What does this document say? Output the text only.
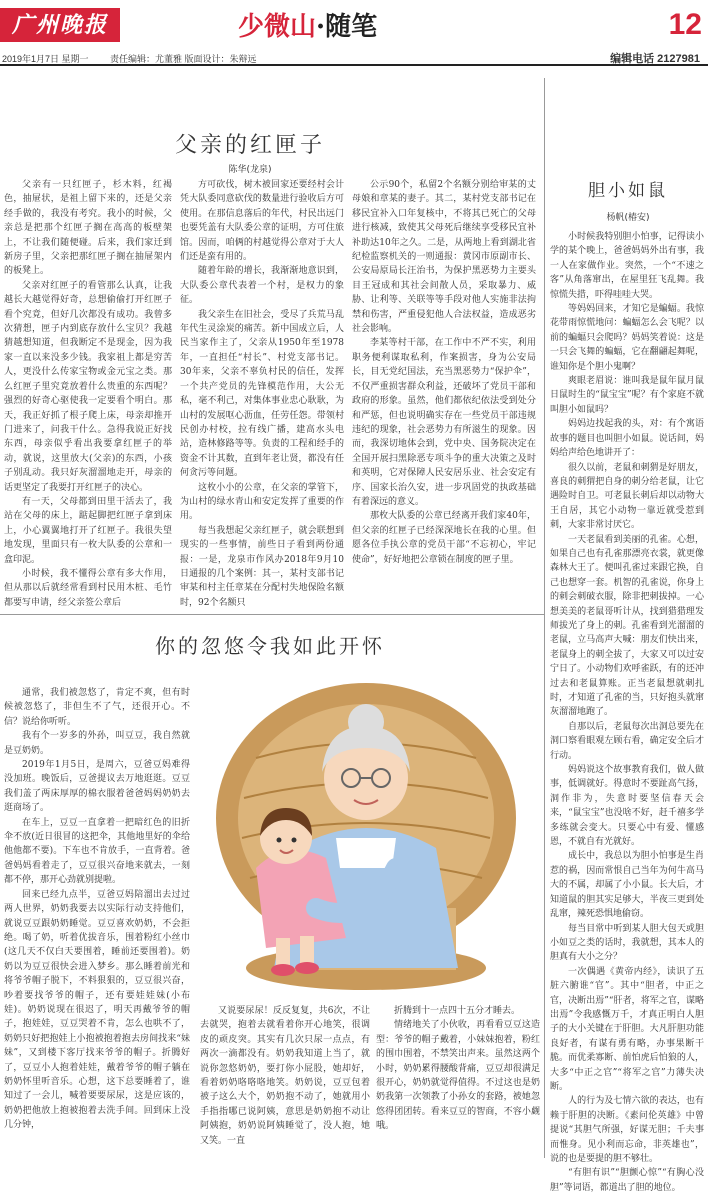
广州晚报	少微山·随笔	12
2019年1月7日 星期一 责任编辑：尤董雅 版面设计：朱辩远	编辑电话 2127981
父亲的红匣子
陈华(龙泉)

父亲有一只红匣子，杉木料，红褐色，抽屉状，是祖上留下来的，还是父亲经手做的，我没有考究。我小的时候，父亲总是把那个红匣子搁在高高的板壁架上，不让我们随便碰。后来，我们家迁到新房子里，父亲把那红匣子搁在抽屉架内的板凳上。

父亲对红匣子的看管那么认真，让我越长大越觉得好奇，总想偷偷打开红匣子看个究竟，但好几次都没有成功。我曾多次猜想，匣子内到底存放什么宝贝？我越猜越想知道，但我断定不是现金，因为我家一直以来没多少钱。我家祖上都是穷苦人，更没什么传家宝物或金元宝之类。那么红匣子里究竟放着什么贵重的东西呢？强烈的好奇心驱使我一定要看个明白。那天，我正好抓了根子爬上床，母亲却推开门进来了，问我干什么。急得我说正好找东西，母亲似乎看出我要拿红匣子的举动，就说，这里放大(父亲)的东西，小孩子别乱动。我只好灰溜溜地走开，母亲的话更坚定了我要打开红匣子的决心。

有一天，父母都到田里干活去了，我站在父母的床上，踮起脚把红匣子拿到床上，小心翼翼地打开了红匣子。我很失望地发现，里面只有一枚大队委的公章和一盒印泥。

小时候，我不懂得公章有多大作用，但从那以后就经常看到村民用木桩、毛竹都要写申请，经父亲签公章后

方可砍伐，树木被回家还要经村会计凭大队委同意砍伐的数量进行验收后方可使用。在那信息落后的年代，村民出远门也要凭盖有大队委公章的证明，方可住旅馆。因而，咱俩的村越觉得公章对于大人们还是蛮有用的。

随着年龄的增长，我渐渐地意识到，大队委公章代表着一个村，是权力的象征。

我父亲生在旧社会，受尽了兵荒马乱年代生灵涂炭的痛苦。新中国成立后，人民当家作主了，父亲从1950年至1978年，一直担任“村长”、村党支部书记。30年来，父亲不辜负村民的信任，发挥一个共产党员的先锋模范作用，大公无私，毫不利己，对集体事业忠心耿耿，为山村的发展呕心沥血，任劳任怨。带领村民创办村校，拉有线广播，建高水头电站，造林修路等等。负责的工程和经手的资金不计其数，直到年老让贤，都没有任何贪污等问题。

这枚小小的公章，在父亲的掌管下，为山村的绿水青山和安定发挥了重要的作用。

每当我想起父亲红匣子，就会联想到现实的一些事情，前些日子看到两份通报：一是，龙泉市作风办2018年9月10日通报的几个案例：其一，某村支部书记审某和村主任章某在分配村失地保险名额时，92个名额只

公示90个，私留2个名额分别给审某的丈母娘和章某的妻子。其二，某村党支部书记在移民宜补入口年复核中，不将其已死亡的父母进行核减，致使其父母死后继续享受移民宜补补助达10年之久。二是，从两地上看到湖北省纪检监察机关的一则通报：黄冈市原副市长、公安局原局长汪治书，为保护黑恶势力主要头目王冠成和其社会间散人员，采取暴力、威胁、让利等、关联等等手段对他人实施非法拘禁和伤害，严重侵犯他人合法权益，造成恶劣社会影响。

李某等村干部，在工作中不严不实，利用职务便利谋取私利，作案损害，身为公安局长，目无党纪国法，充当黑恶势力“保护伞”，不仅严重损害群众利益，还破坏了党员干部和政府的形象。虽然，他们都依纪依法受到处分和严惩，但也说明确实存在一些党员干部违规违纪的现象，社会恶势力有所滋生的现象。因而，我深切地体会到，党中央、国务院决定在全国开展扫黑除恶专项斗争的重大决策之及时和英明，它对保障人民安居乐业、社会安定有序、国家长治久安，进一步巩固党的执政基础有着深远的意义。

那枚大队委的公章已经离开我们家40年，但父亲的红匣子已经深深地长在我的心里。但愿各位手执公章的党员干部“不忘初心，牢记使命”，好好地把公章锁在制度的匣子里。

胆小如鼠
杨帆(椿安)

小时候我特别胆小怕事，记得读小学的某个晚上，爸爸妈妈外出有事，我一人在家做作业。突然，一个“不速之客”从角落窜出，在屋里狂飞乱舞。我惊慌失措，吓得哇哇大哭。

等妈妈回来，才知它是蝙蝠。我惊花带雨惊慌地问：蝙蝠怎么会飞呢？以前的蝙蝠只会爬吗？妈妈笑着说：这是一只会飞舞的蝙蝠，它在翻翩起舞呢，谁知你是个胆小鬼啊？

爽眼老眉说：谁叫我是鼠年鼠月鼠日鼠时生的“鼠宝宝”呢？有个家庭不就叫胆小如鼠吗？

妈妈边找起我的头，对：有个寓语故事的题目也叫胆小如鼠。说话间，妈妈给声给色地讲开了：

很久以前，老鼠和刺猬是好朋友，喜良的刺猬把自身的刺分给老鼠，让它遇险时自卫。可老鼠长刺后却以动物大王自居，其它小动物一靠近就受惹到刺，大家非常讨厌它。

一天老鼠看到美丽的孔雀。心想，如果自己也有孔雀那漂亮衣裳，就更像森林大王了。便叫孔雀过来跟它换，自己也想穿一套。机智的孔雀说，你身上的刺会刺破衣服，除非把刺拔掉。一心想美美的老鼠哥听计从，找到猎猎理发师拔光了身上的刺。孔雀看到光溜溜的老鼠，立马高声大喊：朋友们快出来，老鼠身上的刺全拔了，大家又可以过安宁日了。小动物们欢呼雀跃，有的还冲过去和老鼠算账。正当老鼠想就刺扎时，才知道了孔雀的当，只好抱头就窜灰溜溜地跑了。

自那以后，老鼠每次出洞总要先在洞口察看眼观左顾右看，确定安全后才行动。

妈妈说这个故事教育我们，做人做事，低调就好。得意时不要趾高气扬，洞作非为，失意时要坚信春天会来，“鼠宝宝”也没啥不好，赶千禧多学多练就会变大。只要心中有爱、懂感恩，不就自有光就好。

成长中，我总以为胆小怕事是生肖惹的祸，因而常恨自己当年为何牛高马大的不属，却属了小小鼠。长大后，才知道鼠的胆其实足够大，半夜三更到处乱窜，辣死恐惧地偷窃。

每当目常中听到某人胆大包天或胆小如豆之类的话时，我就想，其本人的胆真有大小之分？

一次偶遇《黄帝内经》，读识了五脏六腑谁“官”。其中“胆者，中正之官，决断出焉”“肝者，将军之官，谋略出焉”令我感慨万千，才真正明白人胆子的大小关键在于肝胆。大凡肝胆功能良好者，有谋有勇有略，办事果断干脆。而优柔寡断、前怕虎后怕狼的人，大多“中正之官”“将军之官”力薄失决断。

人的行为及七情六欲的表达，也有赖于肝胆的决断。《素问伦英雄》中曾提说“其胆气所强，好谋无胆；千夫事而惟身。见小利而忘命，非英雄也”，说的也是要提的胆不够壮。

“有胆有识”“胆颤心惊”“有胸心没胆”等词语，都道出了胆的地位。

你的忽悠令我如此开怀

通常，我们被忽悠了，肯定不爽，但有时候被忽悠了，非但生不了气，还很开心。不信？说给你听听。

我有个一岁多的外孙，叫豆豆，我自然就是豆奶奶。

2019年1月5日，是周六，豆爸豆妈难得没加班。晚饭后，豆爸提议去万地逛逛。豆豆我们盖了两床厚厚的棉衣服着爸爸妈妈奶奶去逛商场了。

在车上，豆豆一直拿着一把暗红色的旧折伞不放(近日很冒的这把伞，其他地里好的伞给他他都不要)。下车也不肯放手，一直背着。爸爸妈妈看着走了，豆豆很兴奋地来就去，一刻都不停，那开心劲就别提啦。

回来已经九点半，豆爸豆妈陪溜出去过过两人世界，奶奶我要去以实际行动支持他们，就说豆豆跟奶奶睡觉。豆豆喜欢奶奶，不会拒绝。喝了奶，听着优拔音乐，围着粉红小丝巾(这几天不仅白天要围着，睡前还要围着)。奶奶以为豆豆很快会进入梦乡。那么睡着前光和将爷爷帽子脱下，不料狠狠的，豆豆很兴奋，吵着要找爷爷的帽子，还有要娃娃妹(小布娃)。奶奶说现在很迟了，明天再戴爷爷的帽子，抱娃娃，豆豆哭着不肯，怎么也哄不了，奶奶只好把抱娃上小抱被抱着抱去房间找来“妹妹”，又到楼下客厅找来爷爷的帽子。折腾好了，豆豆小人抱着娃娃，戴着爷爷的帽子躺在奶奶怀里听音乐。心想，这下总要睡着了，谁知过了一会儿，喊着要要尿尿，这是应该的，奶奶把他放上抱被抱着去洗手间。回到床上没几分钟，

又说要尿尿！反反复复，共6次，不让去就哭，抱着去就看着你开心地笑，很调皮的顽皮突。其实有几次只尿一点点，有两次一滴都没有。奶奶我知道上当了，就说你忽悠奶奶，要打你小屁股，她却好，看着奶奶咯咯咯地笑。奶奶说，豆豆包着被子这么大个，奶奶抱不动了，她就用小手指指哪已说阿姨，意思是奶奶抱不动让阿姨抱，奶奶说阿姨睡觉了，没人抱，她又笑。一直

折腾到十一点四十五分才睡去。

情绪地关了小伙收，再看看豆豆这造型：爷爷的帽子戴着，小妹妹抱着，粉红的围巾围着，不禁笑出声来。虽然这两个小时，奶奶累得腰酸背痛，豆豆却很满足很开心，奶奶就觉得值得。不过这也是奶奶我第一次领教了小孙女的套路，被她忽悠得团团转。看来豆豆的智商，不容小觑哦。
